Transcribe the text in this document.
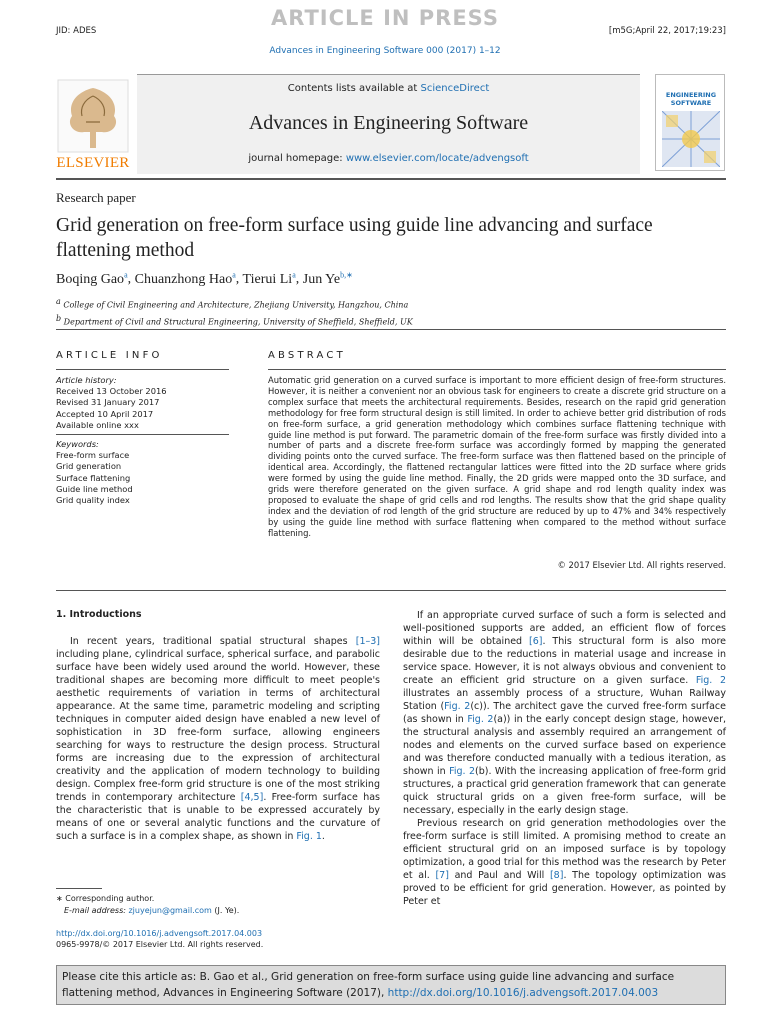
ARTICLE IN PRESS
JID: ADES	[m5G;April 22, 2017;19:23]
Advances in Engineering Software 000 (2017) 1–12
ELSEVIER
Contents lists available at ScienceDirect
Advances in Engineering Software
journal homepage: www.elsevier.com/locate/advengsoft
ENGINEERING
SOFTWARE
Research paper
Grid generation on free-form surface using guide line advancing and surface flattening method
Boqing Gao$^a$, Chuanzhong Hao$^a$, Tierui Li$^a$, Jun $Ye^{b,∗}$
$^a$ College of Civil Engineering and Architecture, Zhejiang University, Hangzhou, China
$^b$ Department of Civil and Structural Engineering, University of Sheffield, Sheffield, UK
ARTICLE INFO	ABSTRACT
Article history:
Received 13 October 2016
Revised 31 January 2017
Accepted 10 April 2017
Available online xxx
Keywords:
Free-form surface
Grid generation
Surface flattening
Guide line method
Grid quality index
Automatic grid generation on a curved surface is important to more efficient design of free-form structures. However, it is neither a convenient nor an obvious task for engineers to create a discrete grid structure on a complex surface that meets the architectural requirements. Besides, research on the rapid grid generation methodology for free form structural design is still limited. In order to achieve better grid distribution of rods on free-form surface, a grid generation methodology which combines surface flattening technique with guide line method is put forward. The parametric domain of the free-form surface was firstly divided into a number of parts and a discrete free-form surface was accordingly formed by mapping the generated dividing points onto the curved surface. The free-form surface was then flattened based on the principle of identical area. Accordingly, the flattened rectangular lattices were fitted into the 2D surface where grids were formed by using the guide line method. Finally, the 2D grids were mapped onto the 3D surface, and grids were therefore generated on the given surface. A grid shape and rod length quality index was proposed to evaluate the shape of grid cells and rod lengths. The results show that the grid shape quality index and the deviation of rod length of the grid structure are reduced by up to 47% and 34% respectively by using the guide line method with surface flattening when compared to the method without surface flattening.
© 2017 Elsevier Ltd. All rights reserved.
1. Introductions

In recent years, traditional spatial structural shapes [1–3] including plane, cylindrical surface, spherical surface, and parabolic surface have been widely used around the world. However, these traditional shapes are becoming more difficult to meet people's aesthetic requirements of variation in terms of architectural appearance. At the same time, parametric modeling and scripting techniques in computer aided design have enabled a new level of sophistication in 3D free-form surface, allowing engineers searching for ways to restructure the design process. Structural forms are increasing due to the expression of architectural creativity and the application of modern technology to building design. Complex free-form grid structure is one of the most striking trends in contemporary architecture [4,5]. Free-form surface has the characteristic that is unable to be expressed accurately by means of one or several analytic functions and the curvature of such a surface is in a complex shape, as shown in Fig. 1.

If an appropriate curved surface of such a form is selected and well-positioned supports are added, an efficient flow of forces within will be obtained [6]. This structural form is also more desirable due to the reductions in material usage and increase in service space. However, it is not always obvious and convenient to create an efficient grid structure on a given surface. Fig. 2 illustrates an assembly process of a structure, Wuhan Railway Station (Fig. 2(c)). The architect gave the curved free-form surface (as shown in Fig. 2(a)) in the early concept design stage, however, the structural analysis and assembly required an arrangement of nodes and elements on the curved surface based on experience and was therefore conducted manually with a tedious iteration, as shown in Fig. 2(b). With the increasing application of free-form grid structures, a practical grid generation framework that can generate quick structural grids on a given free-form surface, will be necessary, especially in the early design stage.

Previous research on grid generation methodologies over the free-form surface is still limited. A promising method to create an efficient structural grid on an imposed surface is by topology optimization, a good trial for this method was the research by Peter et al. [7] and Paul and Will [8]. The topology optimization was proved to be efficient for grid generation. However, as pointed by Peter et

∗ Corresponding author.
E-mail address: zjuyejun@gmail.com (J. Ye).
http://dx.doi.org/10.1016/j.advengsoft.2017.04.003
0965-9978/© 2017 Elsevier Ltd. All rights reserved.
Please cite this article as: B. Gao et al., Grid generation on free-form surface using guide line advancing and surface flattening method, Advances in Engineering Software (2017), http://dx.doi.org/10.1016/j.advengsoft.2017.04.003
